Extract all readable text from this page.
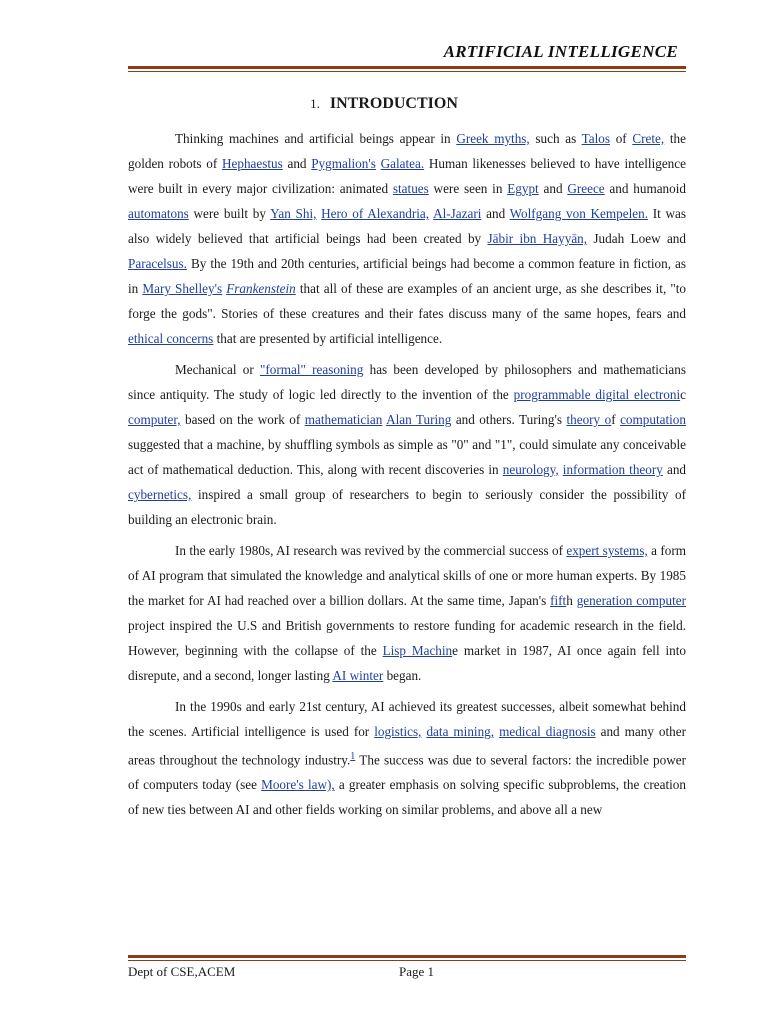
ARTIFICIAL INTELLIGENCE
1. INTRODUCTION

Thinking machines and artificial beings appear in Greek myths, such as Talos of Crete, the golden robots of Hephaestus and Pygmalion's Galatea. Human likenesses believed to have intelligence were built in every major civilization: animated statues were seen in Egypt and Greece and humanoid automatons were built by Yan Shi, Hero of Alexandria, Al-Jazari and Wolfgang von Kempelen. It was also widely believed that artificial beings had been created by Jābir ibn Hayyān, Judah Loew and Paracelsus. By the 19th and 20th centuries, artificial beings had become a common feature in fiction, as in Mary Shelley's Frankenstein that all of these are examples of an ancient urge, as she describes it, "to forge the gods". Stories of these creatures and their fates discuss many of the same hopes, fears and ethical concerns that are presented by artificial intelligence.

Mechanical or "formal" reasoning has been developed by philosophers and mathematicians since antiquity. The study of logic led directly to the invention of the programmable digital electronic computer, based on the work of mathematician Alan Turing and others. Turing's theory of computation suggested that a machine, by shuffling symbols as simple as "0" and "1", could simulate any conceivable act of mathematical deduction. This, along with recent discoveries in neurology, information theory and cybernetics, inspired a small group of researchers to begin to seriously consider the possibility of building an electronic brain.

In the early 1980s, AI research was revived by the commercial success of expert systems, a form of AI program that simulated the knowledge and analytical skills of one or more human experts. By 1985 the market for AI had reached over a billion dollars. At the same time, Japan's fifth generation computer project inspired the U.S and British governments to restore funding for academic research in the field. However, beginning with the collapse of the Lisp Machine market in 1987, AI once again fell into disrepute, and a second, longer lasting AI winter began.

In the 1990s and early 21st century, AI achieved its greatest successes, albeit somewhat behind the scenes. Artificial intelligence is used for logistics, data mining, medical diagnosis and many other areas throughout the technology industry.$^1$ The success was due to several factors: the incredible power of computers today (see Moore's law), a greater emphasis on solving specific subproblems, the creation of new ties between AI and other fields working on similar problems, and above all a new

Dept of CSE,ACEM	Page 1
